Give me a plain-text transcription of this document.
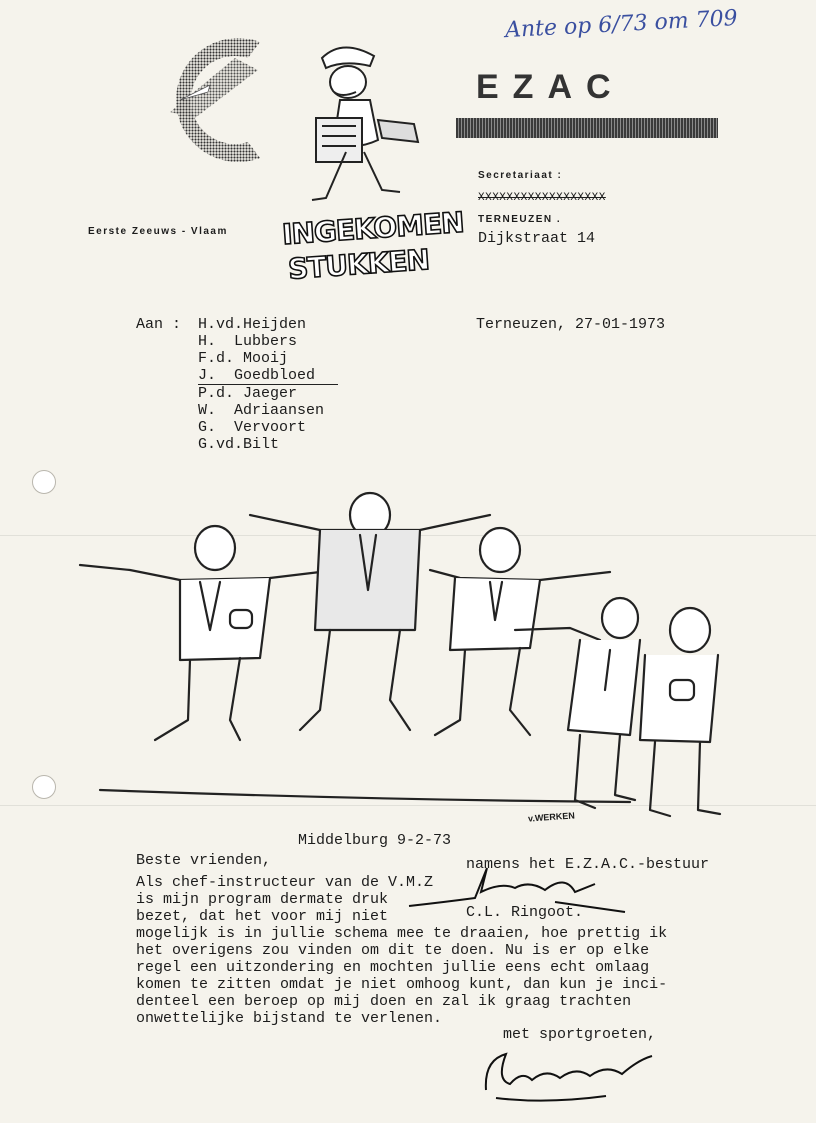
Ante op 6/73 om 709
INGEKOMEN
STUKKEN
EZAC
Secretariaat :
XXXXXXXXXXXXXXXXXX
TERNEUZEN .
Dijkstraat 14
Eerste Zeeuws - Vlaam
Aan : H.vd.Heijden
H.  Lubbers
F.d. Mooij
J.  Goedbloed
P.d. Jaeger
W.  Adriaansen
G.  Vervoort
G.vd.Bilt
Terneuzen, 27-01-1973
v.WERKEN
Middelburg 9-2-73
Beste vrienden,
Als chef-instructeur van de V.M.Z
is mijn program dermate druk
bezet, dat het voor mij niet
mogelijk is in jullie schema mee te draaien, hoe prettig ik
het overigens zou vinden om dit te doen. Nu is er op elke
regel een uitzondering en mochten jullie eens echt omlaag
komen te zitten omdat je niet omhoog kunt, dan kun je inci-
denteel een beroep op mij doen en zal ik graag trachten
onwettelijke bijstand te verlenen.
met sportgroeten,
namens het E.Z.A.C.-bestuur
C.L. Ringoot.
